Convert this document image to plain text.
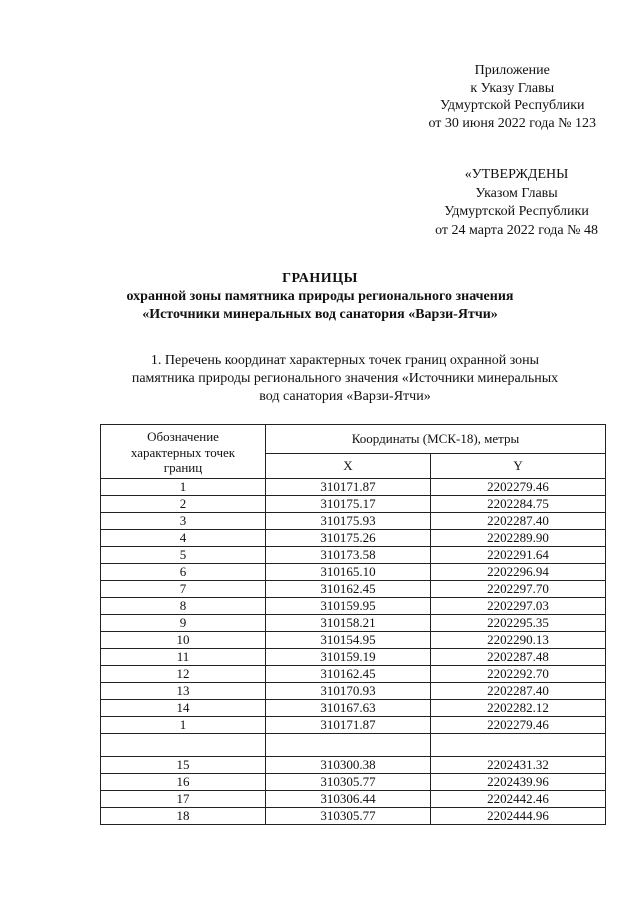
Приложение
к Указу Главы
Удмуртской Республики
от 30 июня 2022 года № 123
«УТВЕРЖДЕНЫ
Указом Главы
Удмуртской Республики
от 24 марта 2022 года № 48
ГРАНИЦЫ
охранной зоны памятника природы регионального значения
«Источники минеральных вод санатория «Варзи-Ятчи»
1. Перечень координат характерных точек границ охранной зоны
памятника природы регионального значения «Источники минеральных
вод санатория «Варзи-Ятчи»
Обозначение
характерных точек
границ	Координаты (МСК-18), метры	
	X	Y
1	310171.87	2202279.46
2	310175.17	2202284.75
3	310175.93	2202287.40
4	310175.26	2202289.90
5	310173.58	2202291.64
6	310165.10	2202296.94
7	310162.45	2202297.70
8	310159.95	2202297.03
9	310158.21	2202295.35
10	310154.95	2202290.13
11	310159.19	2202287.48
12	310162.45	2202292.70
13	310170.93	2202287.40
14	310167.63	2202282.12
1	310171.87	2202279.46

15	310300.38	2202431.32
16	310305.77	2202439.96
17	310306.44	2202442.46
18	310305.77	2202444.96
